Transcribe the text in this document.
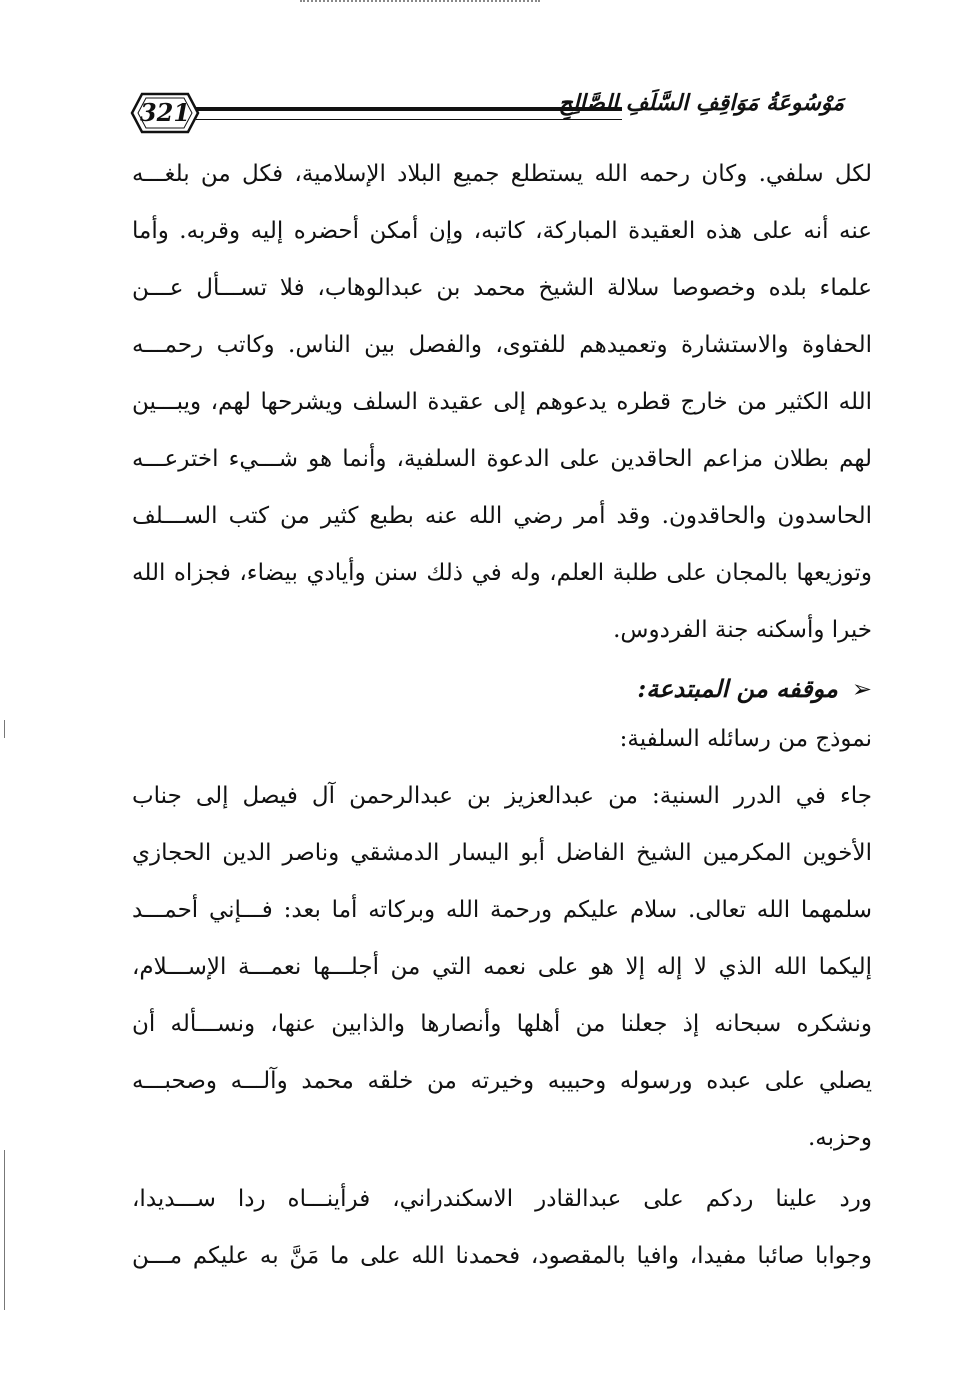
321	مَوْسُوعَةُ مَوَاقِفِ السَّلَفِ الصَّالِحِ
لكل سلفي. وكان رحمه الله يستطلع جميع البلاد الإسلامية، فكل من بلغـــه
عنه أنه على هذه العقيدة المباركة، كاتبه، وإن أمكن أحضره إليه وقربه. وأما
علماء بلده وخصوصا سلالة الشيخ محمد بن عبدالوهاب، فلا تســـأل عـــن
الحفاوة والاستشارة وتعميدهم للفتوى، والفصل بين الناس. وكاتب رحمـــه
الله الكثير من خارج قطره يدعوهم إلى عقيدة السلف ويشرحها لهم، ويبـــين
لهم بطلان مزاعم الحاقدين على الدعوة السلفية، وأنما هو شـــيء اخترعـــه
الحاسدون والحاقدون. وقد أمر رضي الله عنه بطبع كثير من كتب الســـلف
وتوزيعها بالمجان على طلبة العلم، وله في ذلك سنن وأيادي بيضاء، فجزاه الله
خيرا وأسكنه جنة الفردوس.
➢موقفه من المبتدعة:
نموذج من رسائله السلفية:
جاء في الدرر السنية: من عبدالعزيز بن عبدالرحمن آل فيصل إلى جناب
الأخوين المكرمين الشيخ الفاضل أبو اليسار الدمشقي وناصر الدين الحجازي
سلمهما الله تعالى. سلام عليكم ورحمة الله وبركاته أما بعد: فـــإني أحمـــد
إليكما الله الذي لا إله إلا هو على نعمه التي من أجلـــها نعمـــة الإســـلام،
ونشكره سبحانه إذ جعلنا من أهلها وأنصارها والذابين عنها، ونســـأله أن
يصلي على عبده ورسوله وحبيبه وخيرته من خلقه محمد وآلـــه وصحبـــه
وحزبه.
ورد علينا ردكم على عبدالقادر الاسكندراني، فرأينـــاه ردا ســـديدا،
وجوابا صائبا مفيدا، وافيا بالمقصود، فحمدنا الله على ما مَنَّ به عليكم مـــن
